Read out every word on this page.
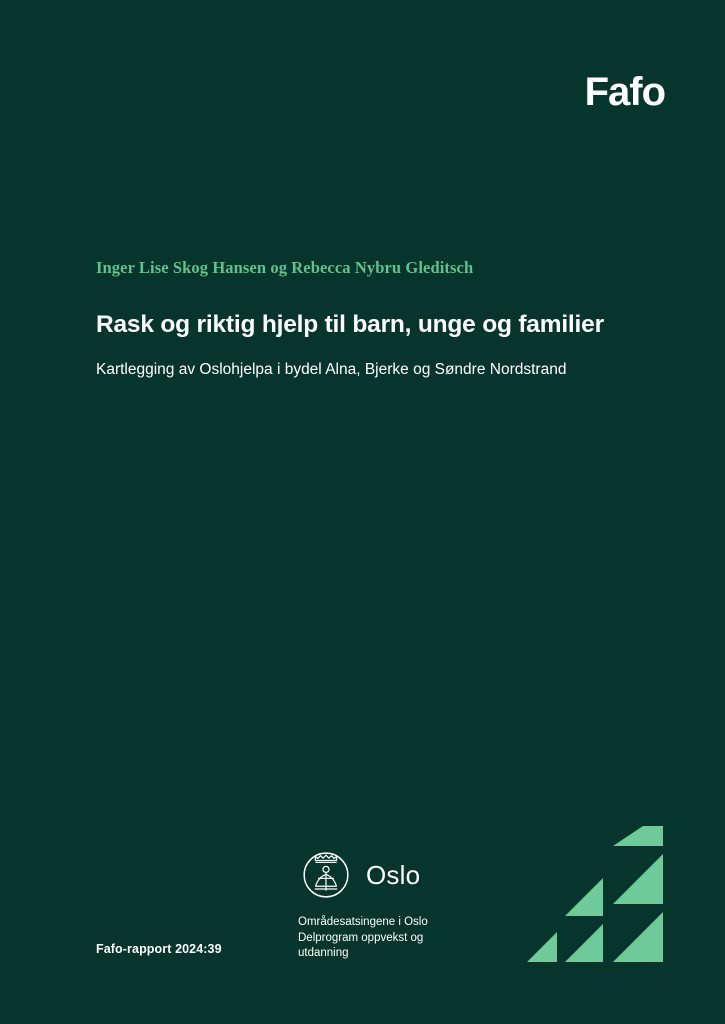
Fafo
Inger Lise Skog Hansen og Rebecca Nybru Gleditsch
Rask og riktig hjelp til barn, unge og familier
Kartlegging av Oslohjelpa i bydel Alna, Bjerke og Søndre Nordstrand
Fafo-rapport 2024:39
Oslo
Områdesatsingene i Oslo Delprogram oppvekst og utdanning
